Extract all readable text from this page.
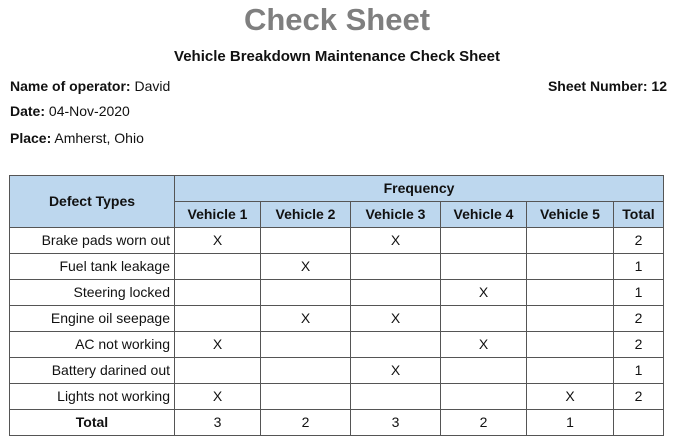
Check Sheet
Vehicle Breakdown Maintenance Check Sheet
Name of operator: David	Sheet Number: 12
Date: 04-Nov-2020
Place: Amherst, Ohio
Defect Types	Frequency					
	Vehicle 1	Vehicle 2	Vehicle 3	Vehicle 4	Vehicle 5	Total
Brake pads worn out	X		X			2
Fuel tank leakage		X				1
Steering locked				X		1
Engine oil seepage		X	X			2
AC not working	X			X		2
Battery darined out			X			1
Lights not working	X				X	2
Total	3	2	3	2	1	
